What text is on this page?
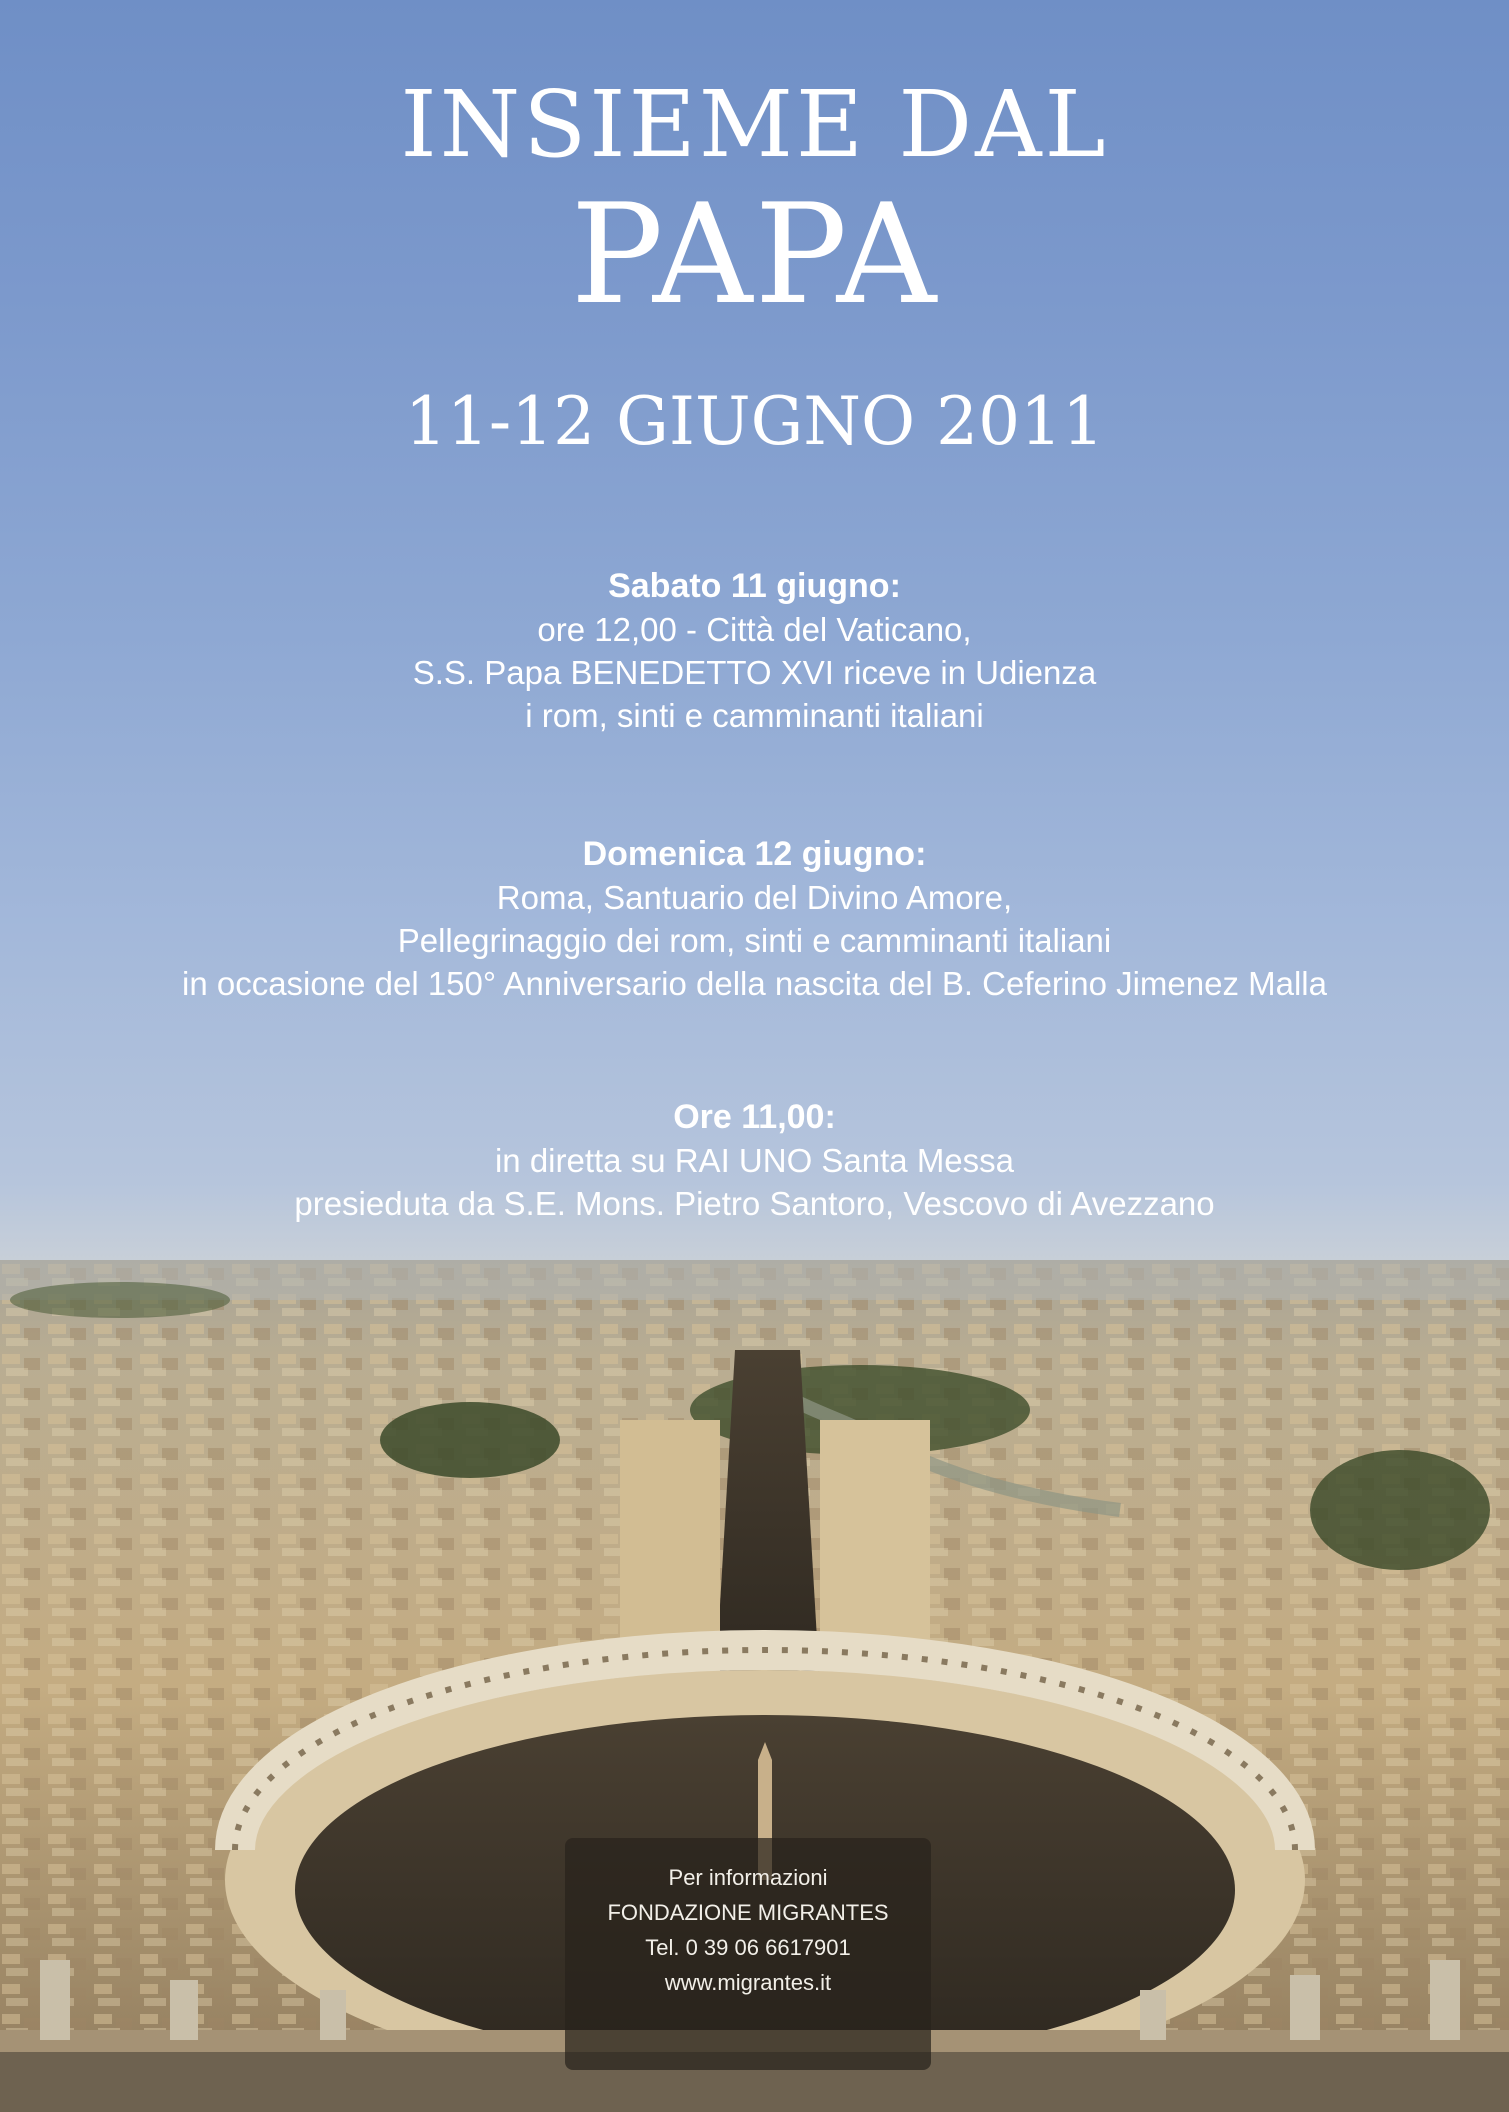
INSIEME DAL
PAPA
11-12 GIUGNO 2011
Sabato 11 giugno:
ore 12,00 - Città del Vaticano,
S.S. Papa BENEDETTO XVI riceve in Udienza
i rom, sinti e camminanti italiani
Domenica 12 giugno:
Roma, Santuario del Divino Amore,
Pellegrinaggio dei rom, sinti e camminanti italiani
in occasione del 150° Anniversario della nascita del B. Ceferino Jimenez Malla
Ore 11,00:
in diretta su RAI UNO Santa Messa
presieduta da S.E. Mons. Pietro Santoro, Vescovo di Avezzano
Per informazioni
FONDAZIONE MIGRANTES
Tel. 0 39 06 6617901
www.migrantes.it
